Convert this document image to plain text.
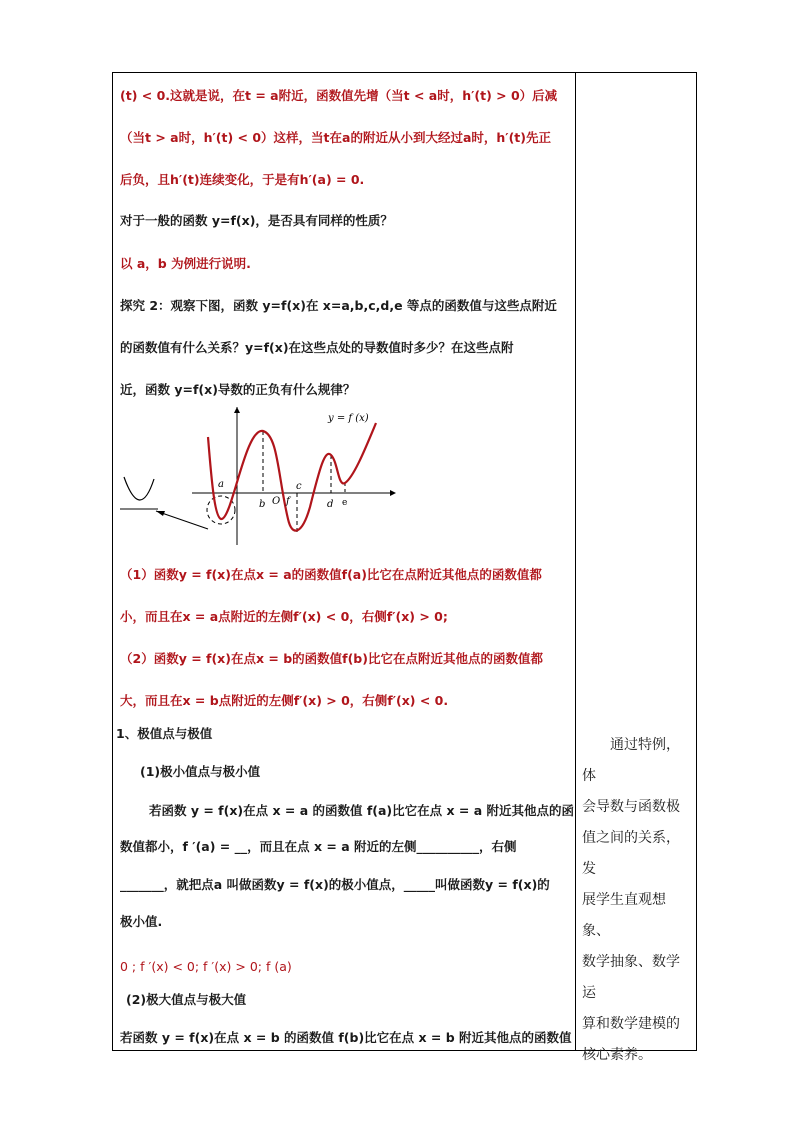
(t) < 0.这就是说，在t = a附近，函数值先增（当t < a时，h′(t) > 0）后减
（当t > a时，h′(t) < 0）这样，当t在a的附近从小到大经过a时，h′(t)先正
后负，且h′(t)连续变化，于是有h′(a) = 0.
对于一般的函数 y=f(x)，是否具有同样的性质？
以 a，b 为例进行说明.
探究 2：观察下图，函数 y=f(x)在 x=a,b,c,d,e 等点的函数值与这些点附近
的函数值有什么关系？y=f(x)在这些点处的导数值时多少？在这些点附
近，函数 y=f(x)导数的正负有什么规律？
y = f (x)
a
b O f
c
d e
（1）函数y = f(x)在点x = a的函数值f(a)比它在点附近其他点的函数值都
小，而且在x = a点附近的左侧f′(x) < 0，右侧f′(x) > 0;
（2）函数y = f(x)在点x = b的函数值f(b)比它在点附近其他点的函数值都
大，而且在x = b点附近的左侧f′(x) > 0，右侧f′(x) < 0.
1、极值点与极值
(1)极小值点与极小值
若函数 y = f(x)在点 x = a 的函数值 f(a)比它在点 x = a 附近其他点的函
数值都小，f ′(a) = __，而且在点 x = a 附近的左侧__________，右侧
_______，就把点a 叫做函数y = f(x)的极小值点，_____叫做函数y = f(x)的
极小值.
0 ; f ′(x) < 0; f ′(x) > 0; f (a)
(2)极大值点与极大值
若函数 y = f(x)在点 x = b 的函数值 f(b)比它在点 x = b 附近其他点的函数值
通过特例，体
会导数与函数极
值之间的关系，发
展学生直观想象、
数学抽象、数学运
算和数学建模的
核心素养。
